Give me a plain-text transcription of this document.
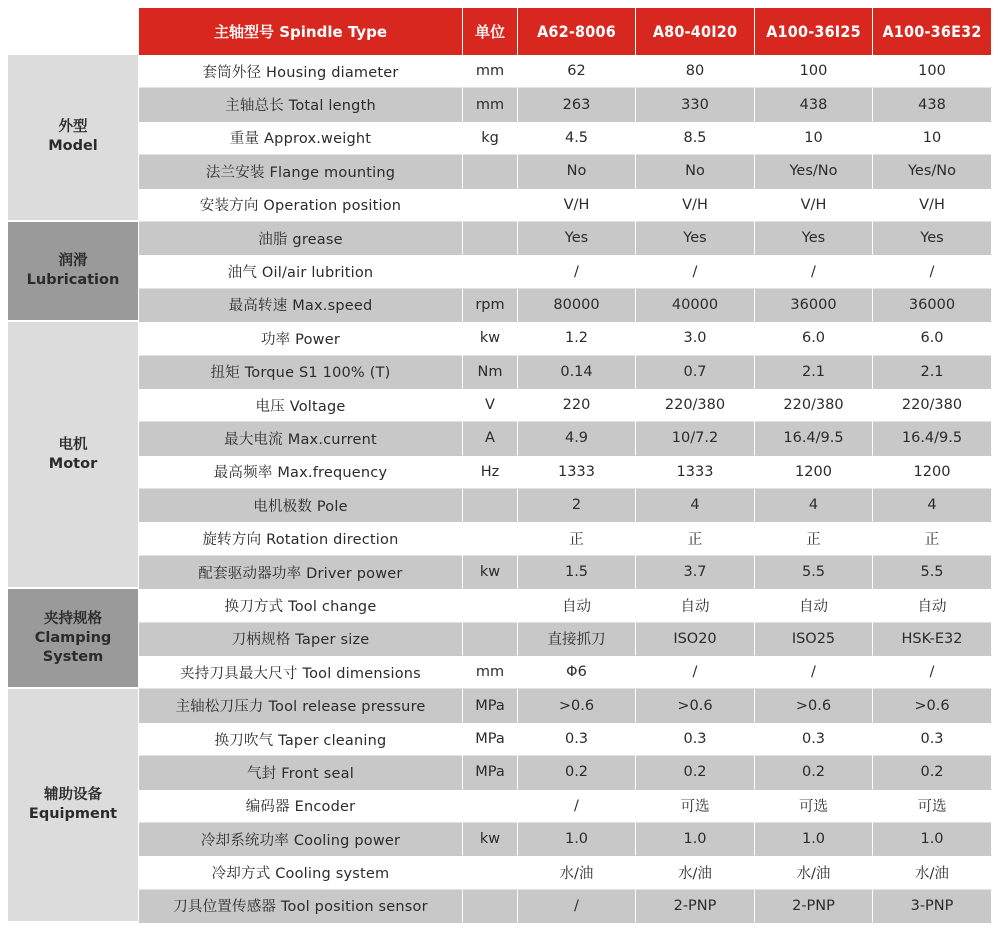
	主轴型号 Spindle Type	单位	A62-8006	A80-40I20	A100-36I25	A100-36E32

外型
Model	套筒外径 Housing diameter	mm	62	80	100	100
	主轴总长 Total length	mm	263	330	438	438
	重量 Approx.weight	kg	4.5	8.5	10	10
	法兰安装 Flange mounting		No	No	Yes/No	Yes/No
	安装方向 Operation position		V/H	V/H	V/H	V/H

润滑
Lubrication	油脂 grease		Yes	Yes	Yes	Yes
	油气 Oil/air lubrition		/	/	/	/
	最高转速 Max.speed	rpm	80000	40000	36000	36000

电机
Motor	功率 Power	kw	1.2	3.0	6.0	6.0
	扭矩 Torque S1 100% (T)	Nm	0.14	0.7	2.1	2.1
	电压 Voltage	V	220	220/380	220/380	220/380
	最大电流 Max.current	A	4.9	10/7.2	16.4/9.5	16.4/9.5
	最高频率 Max.frequency	Hz	1333	1333	1200	1200
	电机极数 Pole		2	4	4	4
	旋转方向 Rotation direction		正	正	正	正
	配套驱动器功率 Driver power	kw	1.5	3.7	5.5	5.5

夹持规格
Clamping System	换刀方式 Tool change		自动	自动	自动	自动
	刀柄规格 Taper size		直接抓刀	ISO20	ISO25	HSK-E32
	夹持刀具最大尺寸 Tool dimensions	mm	Φ6	/	/	/

辅助设备
Equipment	主轴松刀压力 Tool release pressure	MPa	>0.6	>0.6	>0.6	>0.6
	换刀吹气 Taper cleaning	MPa	0.3	0.3	0.3	0.3
	气封 Front seal	MPa	0.2	0.2	0.2	0.2
	编码器 Encoder		/	可选	可选	可选
	冷却系统功率 Cooling power	kw	1.0	1.0	1.0	1.0
	冷却方式 Cooling system		水/油	水/油	水/油	水/油
	刀具位置传感器 Tool position sensor		/	2-PNP	2-PNP	3-PNP
